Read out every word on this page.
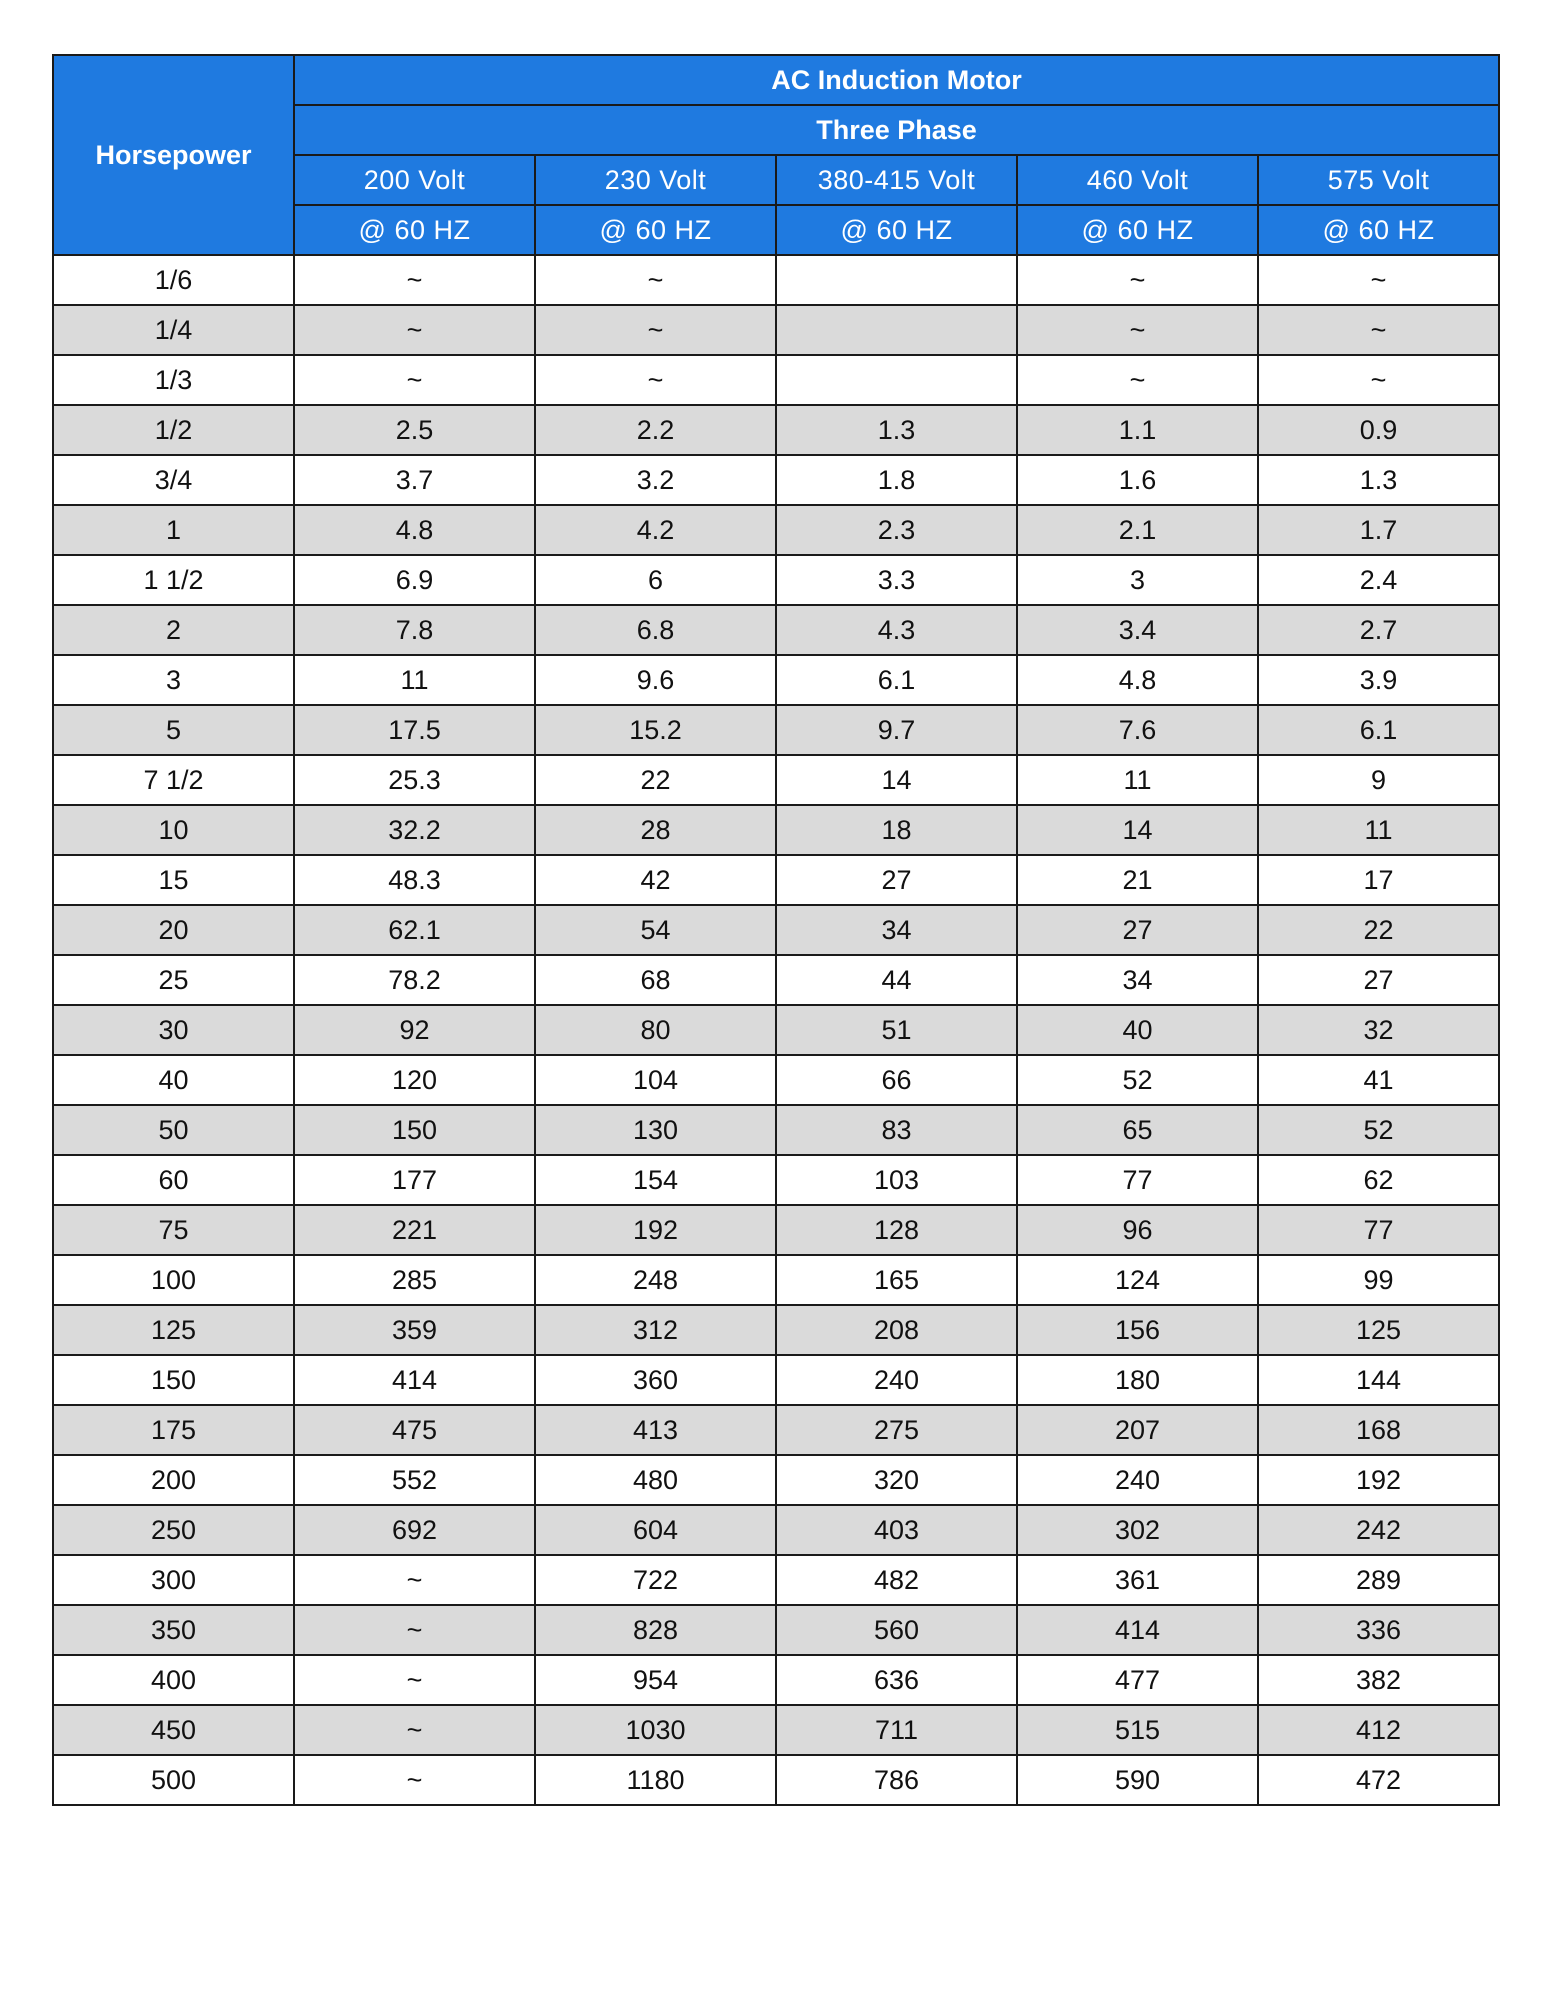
Horsepower	AC Induction Motor				
	Three Phase				
	200 Volt	230 Volt	380-415 Volt	460 Volt	575 Volt
	@ 60 HZ	@ 60 HZ	@ 60 HZ	@ 60 HZ	@ 60 HZ
1/6	~	~		~	~
1/4	~	~		~	~
1/3	~	~		~	~
1/2	2.5	2.2	1.3	1.1	0.9
3/4	3.7	3.2	1.8	1.6	1.3
1	4.8	4.2	2.3	2.1	1.7
1 1/2	6.9	6	3.3	3	2.4
2	7.8	6.8	4.3	3.4	2.7
3	11	9.6	6.1	4.8	3.9
5	17.5	15.2	9.7	7.6	6.1
7 1/2	25.3	22	14	11	9
10	32.2	28	18	14	11
15	48.3	42	27	21	17
20	62.1	54	34	27	22
25	78.2	68	44	34	27
30	92	80	51	40	32
40	120	104	66	52	41
50	150	130	83	65	52
60	177	154	103	77	62
75	221	192	128	96	77
100	285	248	165	124	99
125	359	312	208	156	125
150	414	360	240	180	144
175	475	413	275	207	168
200	552	480	320	240	192
250	692	604	403	302	242
300	~	722	482	361	289
350	~	828	560	414	336
400	~	954	636	477	382
450	~	1030	711	515	412
500	~	1180	786	590	472
